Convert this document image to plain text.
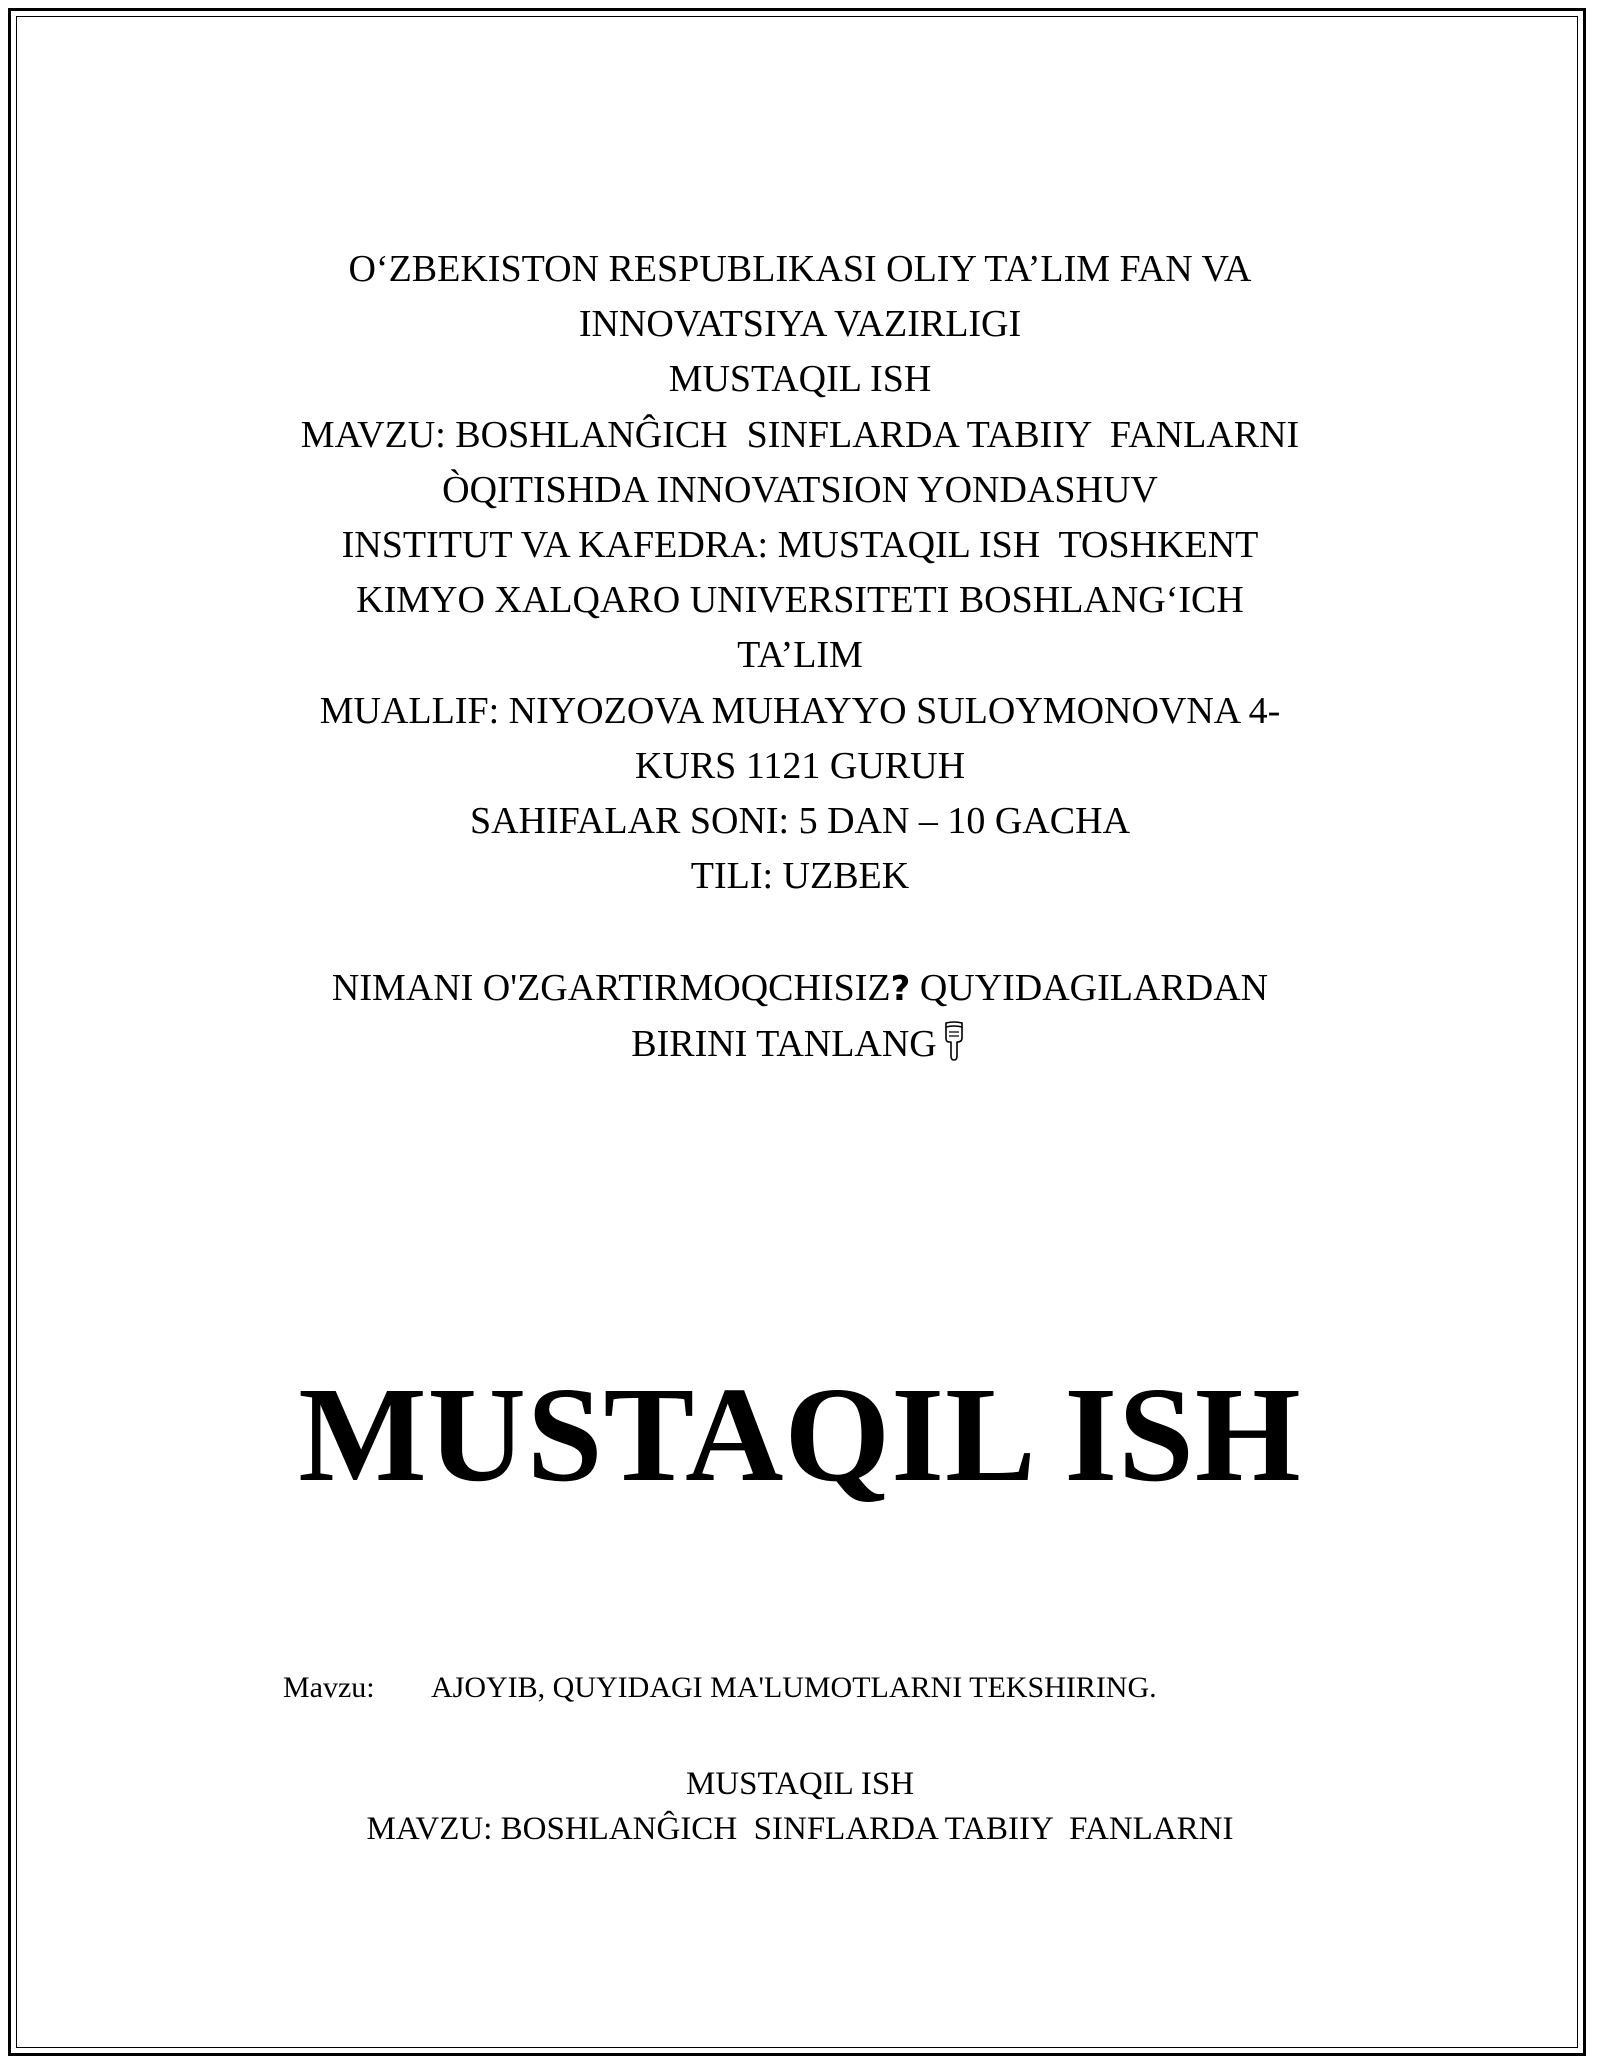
O‘ZBEKISTON RESPUBLIKASI OLIY TA’LIM FAN VA
INNOVATSIYA VAZIRLIGI
MUSTAQIL ISH
MAVZU: BOSHLANĜICH  SINFLARDA TABIIY  FANLARNI
ÒQITISHDA INNOVATSION YONDASHUV
INSTITUT VA KAFEDRA: MUSTAQIL ISH  TOSHKENT
KIMYO XALQARO UNIVERSITETI BOSHLANG‘ICH
TA’LIM
MUALLIF: NIYOZOVA MUHAYYO SULOYMONOVNA 4-
KURS 1121 GURUH
SAHIFALAR SONI: 5 DAN – 10 GACHA
TILI: UZBEK
NIMANI O'ZGARTIRMOQCHISIZ? QUYIDAGILARDAN
BIRINI TANLANG
MUSTAQIL ISH
Mavzu: AJOYIB, QUYIDAGI MA'LUMOTLARNI TEKSHIRING.
MUSTAQIL ISH
MAVZU: BOSHLANĜICH  SINFLARDA TABIIY  FANLARNI
